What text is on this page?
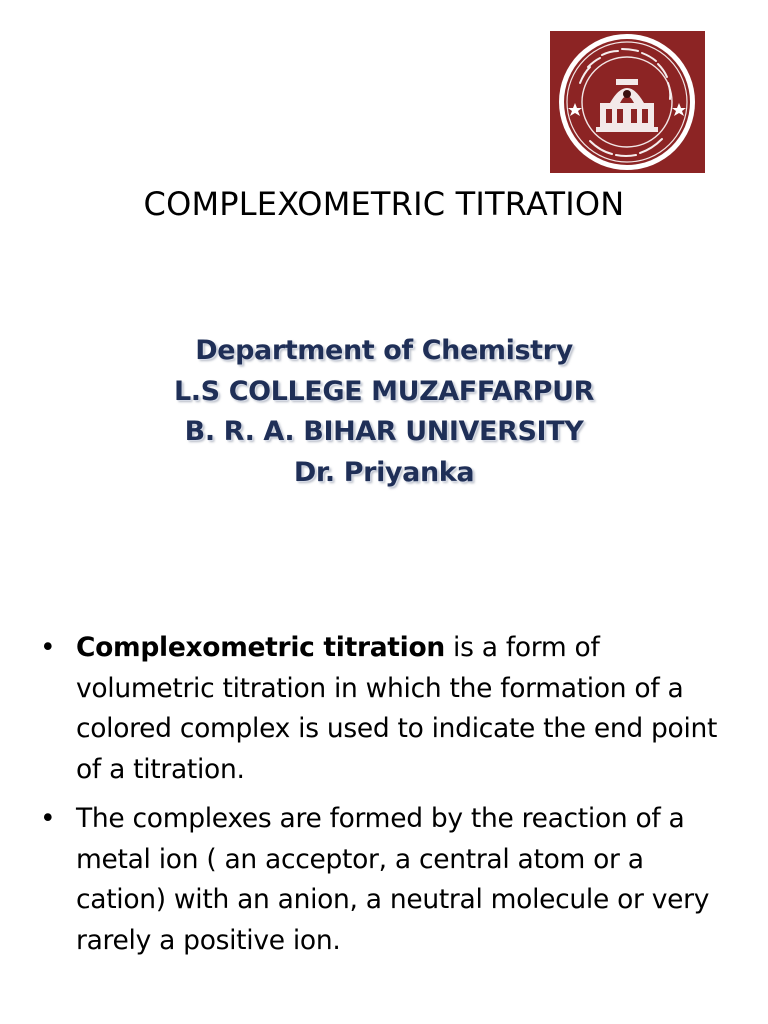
COMPLEXOMETRIC TITRATION
Department of Chemistry
L.S COLLEGE MUZAFFARPUR
B. R. A. BIHAR UNIVERSITY
Dr. Priyanka
• Complexometric titration is a form of volumetric titration in which the formation of a colored complex is used to indicate the end point of a titration.
• The complexes are formed by the reaction of a metal ion ( an acceptor, a central atom or a cation) with an anion, a neutral molecule or very rarely a positive ion.
